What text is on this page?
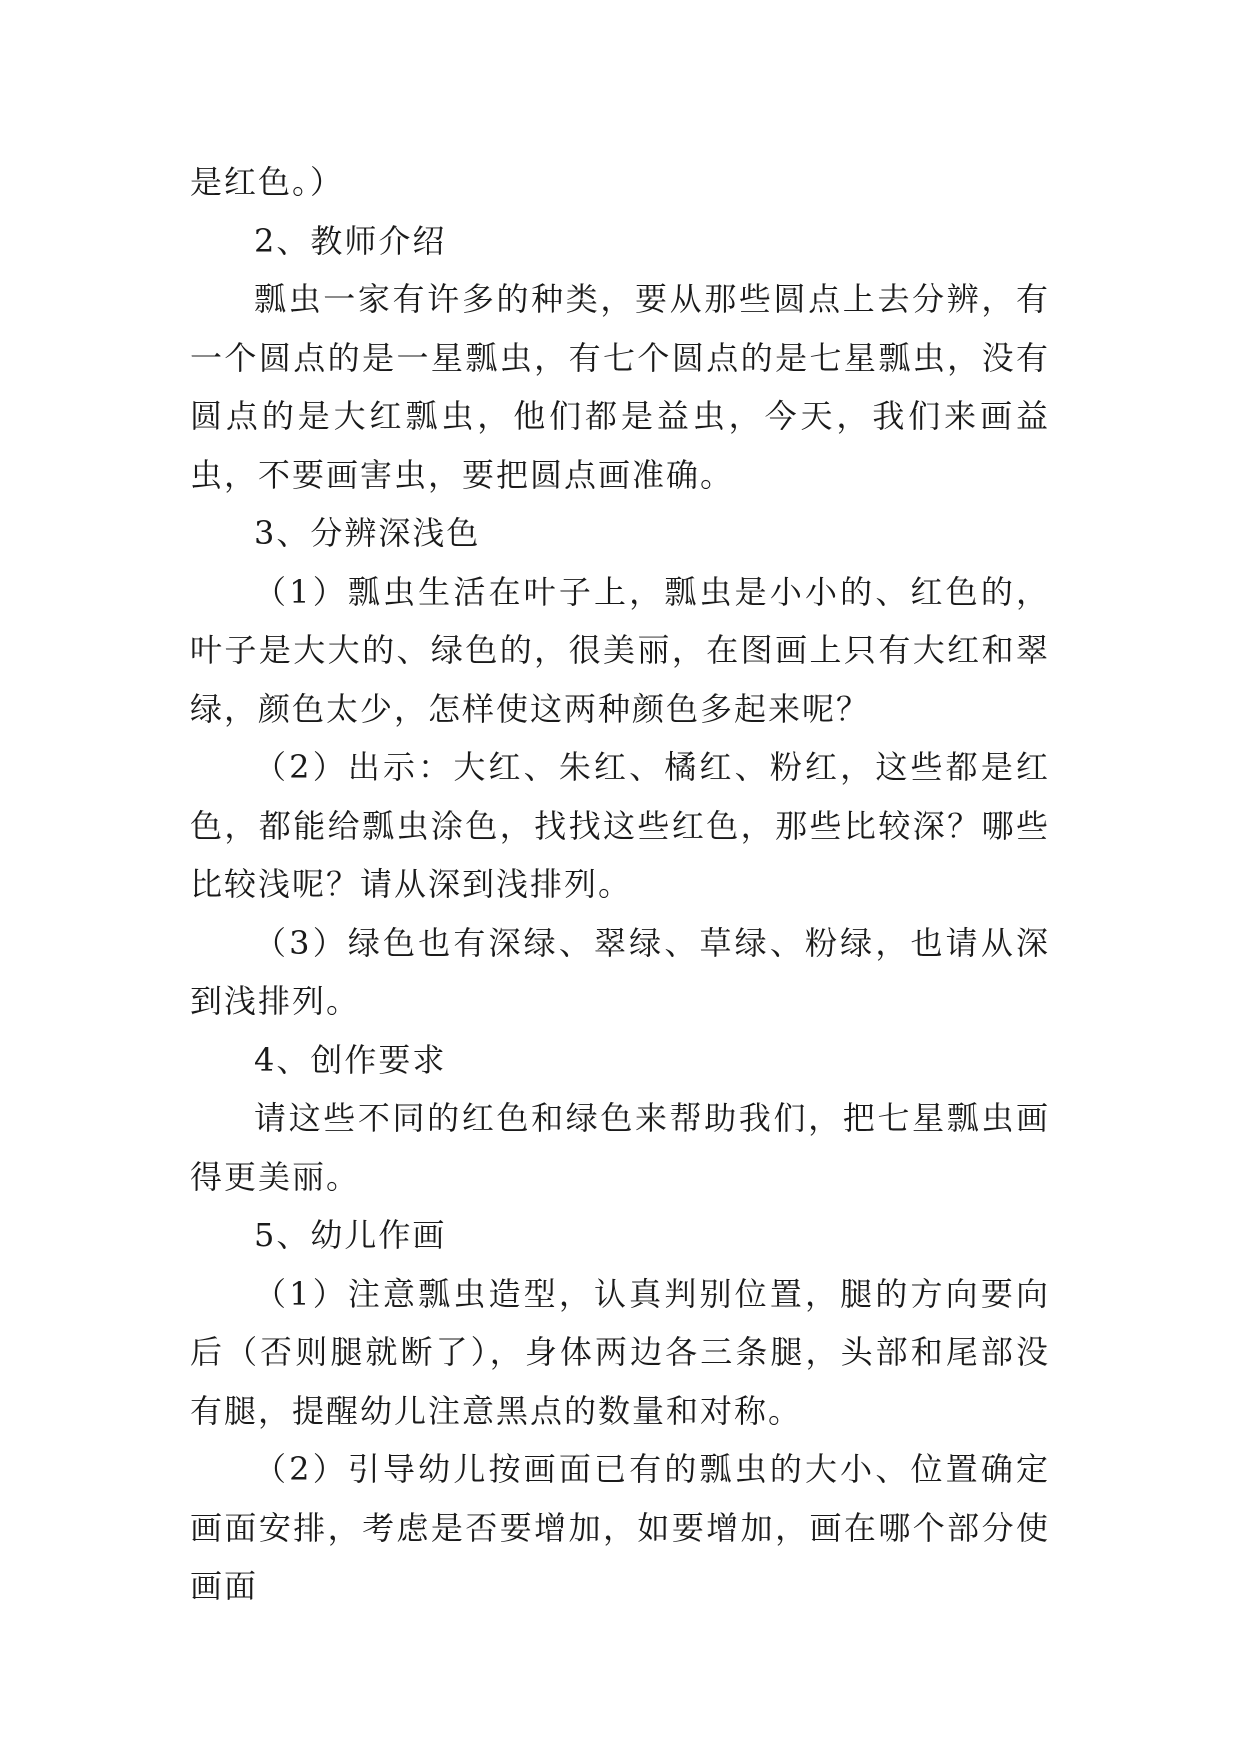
是红色。）

2、教师介绍

瓢虫一家有许多的种类，要从那些圆点上去分辨，有一个圆点的是一星瓢虫，有七个圆点的是七星瓢虫，没有圆点的是大红瓢虫，他们都是益虫，今天，我们来画益虫，不要画害虫，要把圆点画准确。

3、分辨深浅色

（1）瓢虫生活在叶子上，瓢虫是小小的、红色的，叶子是大大的、绿色的，很美丽，在图画上只有大红和翠绿，颜色太少，怎样使这两种颜色多起来呢？

（2）出示：大红、朱红、橘红、粉红，这些都是红色，都能给瓢虫涂色，找找这些红色，那些比较深？哪些比较浅呢？请从深到浅排列。

（3）绿色也有深绿、翠绿、草绿、粉绿，也请从深到浅排列。

4、创作要求

请这些不同的红色和绿色来帮助我们，把七星瓢虫画得更美丽。

5、幼儿作画

（1）注意瓢虫造型，认真判别位置，腿的方向要向后（否则腿就断了），身体两边各三条腿，头部和尾部没有腿，提醒幼儿注意黑点的数量和对称。

（2）引导幼儿按画面已有的瓢虫的大小、位置确定画面安排，考虑是否要增加，如要增加，画在哪个部分使画面
